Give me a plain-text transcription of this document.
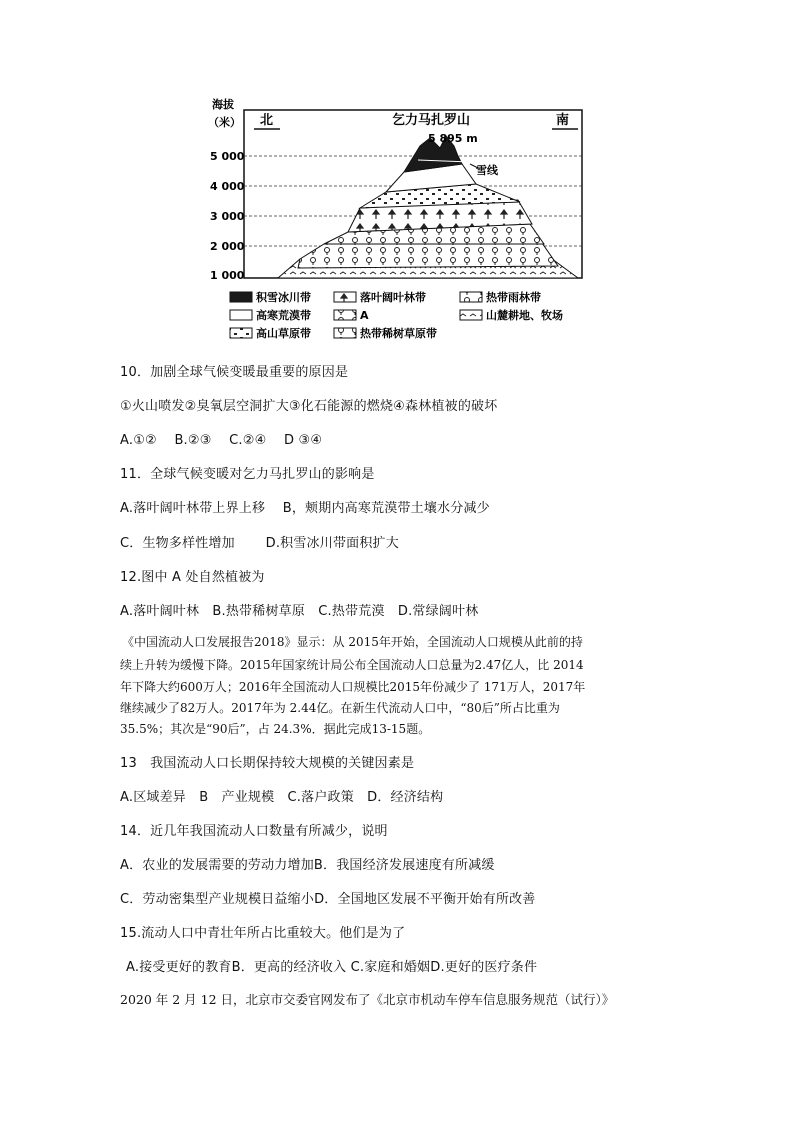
海拔
（米）
5 000
4 000
3 000
2 000
1 000
北	南
乞力马扎罗山
5 895 m
雪线
积雪冰川带	落叶阔叶林带	热带雨林带
高寒荒漠带	A	山麓耕地、牧场
高山草原带	热带稀树草原带
10．加剧全球气候变暖最重要的原因是
①火山喷发②臭氧层空洞扩大③化石能源的燃烧④森林植被的破坏
A.①②　 B.②③　 C.②④　 D ③④
11．全球气候变暖对乞力马扎罗山的影响是
A.落叶阔叶林带上界上移　 B，颊期内高寒荒漠带土壤水分减少
C．生物多样性增加　　 D.积雪冰川带面积扩大
12.图中 A 处自然植被为
A.落叶阔叶林　B.热带稀树草原　C.热带荒漠　D.常绿阔叶林
《中国流动人口发展报告2018》显示：从 2015年开始，全国流动人口规模从此前的持
续上升转为缓慢下降。2015年国家统计局公布全国流动人口总量为2.47亿人，比 2014
年下降大约600万人；2016年全国流动人口规模比2015年份减少了 171万人，2017年
继续减少了82万人。2017年为 2.44亿。在新生代流动人口中，“80后”所占比重为
35.5%；其次是“90后”，占 24.3%．据此完成13-15题。
13　我国流动人口长期保持较大规模的关键因素是
A.区域差异　B　产业规模　C.落户政策　D．经济结构
14．近几年我国流动人口数量有所减少，说明
A．农业的发展需要的劳动力增加B．我国经济发展速度有所减缓
C．劳动密集型产业规模日益缩小D．全国地区发展不平衡开始有所改善
15.流动人口中青壮年所占比重较大。他们是为了
A.接受更好的教育B．更高的经济收入 C.家庭和婚姻D.更好的医疗条件
2020 年 2 月 12 日，北京市交委官网发布了《北京市机动车停车信息服务规范（试行）》
